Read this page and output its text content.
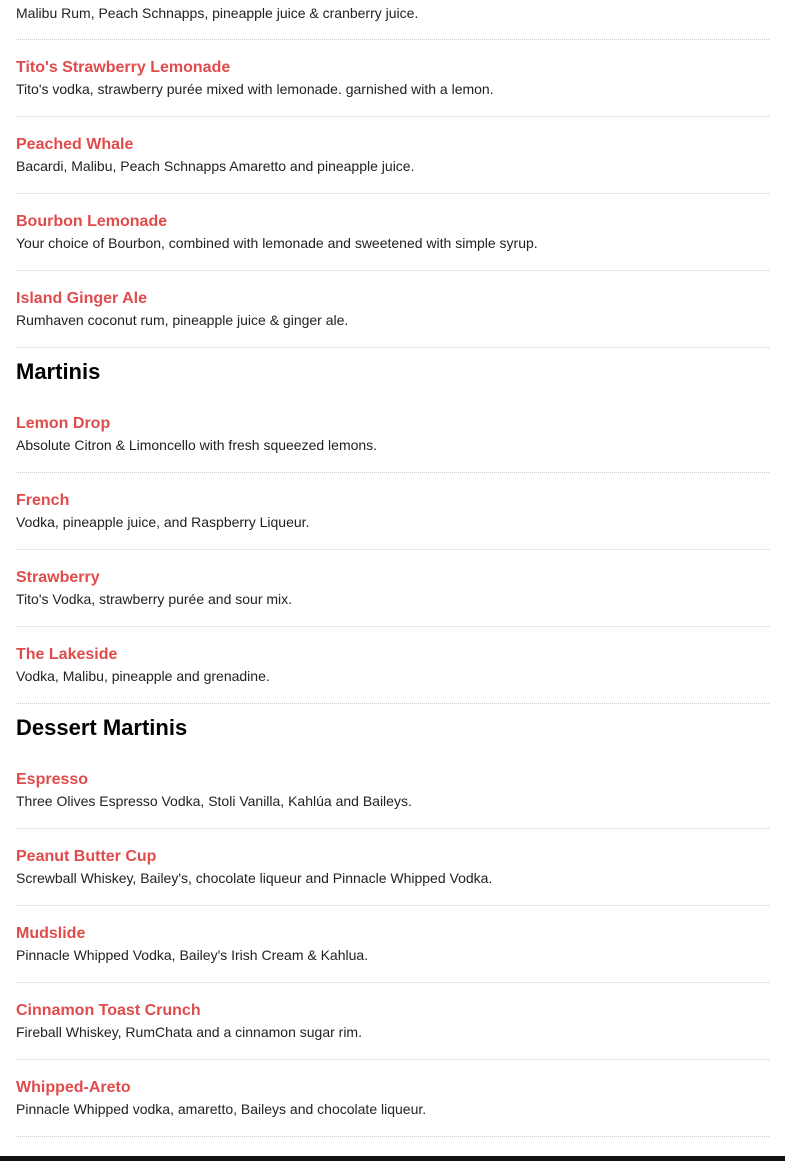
Malibu Rum, Peach Schnapps, pineapple juice & cranberry juice.
Tito's Strawberry Lemonade
Tito's vodka, strawberry purée mixed with lemonade. garnished with a lemon.
Peached Whale
Bacardi, Malibu, Peach Schnapps Amaretto and pineapple juice.
Bourbon Lemonade
Your choice of Bourbon, combined with lemonade and sweetened with simple syrup.
Island Ginger Ale
Rumhaven coconut rum, pineapple juice & ginger ale.
Martinis
Lemon Drop
Absolute Citron & Limoncello with fresh squeezed lemons.
French
Vodka, pineapple juice, and Raspberry Liqueur.
Strawberry
Tito's Vodka, strawberry purée and sour mix.
The Lakeside
Vodka, Malibu, pineapple and grenadine.
Dessert Martinis
Espresso
Three Olives Espresso Vodka, Stoli Vanilla, Kahlúa and Baileys.
Peanut Butter Cup
Screwball Whiskey, Bailey's, chocolate liqueur and Pinnacle Whipped Vodka.
Mudslide
Pinnacle Whipped Vodka, Bailey's Irish Cream & Kahlua.
Cinnamon Toast Crunch
Fireball Whiskey, RumChata and a cinnamon sugar rim.
Whipped-Areto
Pinnacle Whipped vodka, amaretto, Baileys and chocolate liqueur.
